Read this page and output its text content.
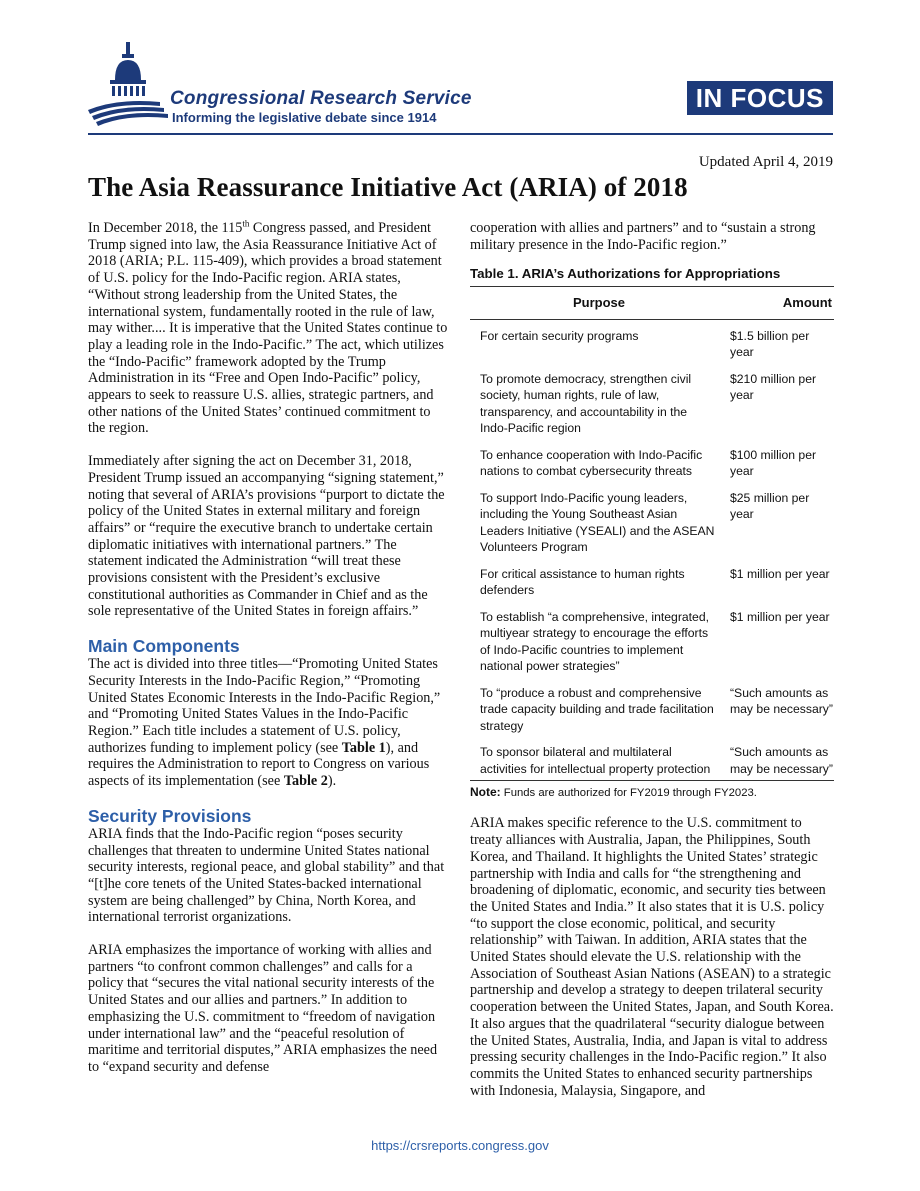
Congressional Research Service
Informing the legislative debate since 1914
IN FOCUS
Updated April 4, 2019
The Asia Reassurance Initiative Act (ARIA) of 2018

In December 2018, the 115th Congress passed, and President Trump signed into law, the Asia Reassurance Initiative Act of 2018 (ARIA; P.L. 115-409), which provides a broad statement of U.S. policy for the Indo-Pacific region. ARIA states, “Without strong leadership from the United States, the international system, fundamentally rooted in the rule of law, may wither.... It is imperative that the United States continue to play a leading role in the Indo-Pacific.” The act, which utilizes the “Indo-Pacific” framework adopted by the Trump Administration in its “Free and Open Indo-Pacific” policy, appears to seek to reassure U.S. allies, strategic partners, and other nations of the United States’ continued commitment to the region.

Immediately after signing the act on December 31, 2018, President Trump issued an accompanying “signing statement,” noting that several of ARIA’s provisions “purport to dictate the policy of the United States in external military and foreign affairs” or “require the executive branch to undertake certain diplomatic initiatives with international partners.” The statement indicated the Administration “will treat these provisions consistent with the President’s exclusive constitutional authorities as Commander in Chief and as the sole representative of the United States in foreign affairs.”

Main Components

The act is divided into three titles—“Promoting United States Security Interests in the Indo-Pacific Region,” “Promoting United States Economic Interests in the Indo-Pacific Region,” and “Promoting United States Values in the Indo-Pacific Region.” Each title includes a statement of U.S. policy, authorizes funding to implement policy (see Table 1), and requires the Administration to report to Congress on various aspects of its implementation (see Table 2).

Security Provisions

ARIA finds that the Indo-Pacific region “poses security challenges that threaten to undermine United States national security interests, regional peace, and global stability” and that “[t]he core tenets of the United States-backed international system are being challenged” by China, North Korea, and international terrorist organizations.

ARIA emphasizes the importance of working with allies and partners “to confront common challenges” and calls for a policy that “secures the vital national security interests of the United States and our allies and partners.” In addition to emphasizing the U.S. commitment to “freedom of navigation under international law” and the “peaceful resolution of maritime and territorial disputes,” ARIA emphasizes the need to “expand security and defense

cooperation with allies and partners” and to “sustain a strong military presence in the Indo-Pacific region.”

Table 1. ARIA’s Authorizations for Appropriations
Purpose	Amount
For certain security programs	$1.5 billion per year
To promote democracy, strengthen civil society, human rights, rule of law, transparency, and accountability in the Indo-Pacific region	$210 million per year
To enhance cooperation with Indo-Pacific nations to combat cybersecurity threats	$100 million per year
To support Indo-Pacific young leaders, including the Young Southeast Asian Leaders Initiative (YSEALI) and the ASEAN Volunteers Program	$25 million per year
For critical assistance to human rights defenders	$1 million per year
To establish “a comprehensive, integrated, multiyear strategy to encourage the efforts of Indo-Pacific countries to implement national power strategies”	$1 million per year
To “produce a robust and comprehensive trade capacity building and trade facilitation strategy	“Such amounts as may be necessary”
To sponsor bilateral and multilateral activities for intellectual property protection	“Such amounts as may be necessary”
Note: Funds are authorized for FY2019 through FY2023.

ARIA makes specific reference to the U.S. commitment to treaty alliances with Australia, Japan, the Philippines, South Korea, and Thailand. It highlights the United States’ strategic partnership with India and calls for “the strengthening and broadening of diplomatic, economic, and security ties between the United States and India.” It also states that it is U.S. policy “to support the close economic, political, and security relationship” with Taiwan. In addition, ARIA states that the United States should elevate the U.S. relationship with the Association of Southeast Asian Nations (ASEAN) to a strategic partnership and develop a strategy to deepen trilateral security cooperation between the United States, Japan, and South Korea. It also argues that the quadrilateral “security dialogue between the United States, Australia, India, and Japan is vital to address pressing security challenges in the Indo-Pacific region.” It also commits the United States to enhanced security partnerships with Indonesia, Malaysia, Singapore, and

https://crsreports.congress.gov
